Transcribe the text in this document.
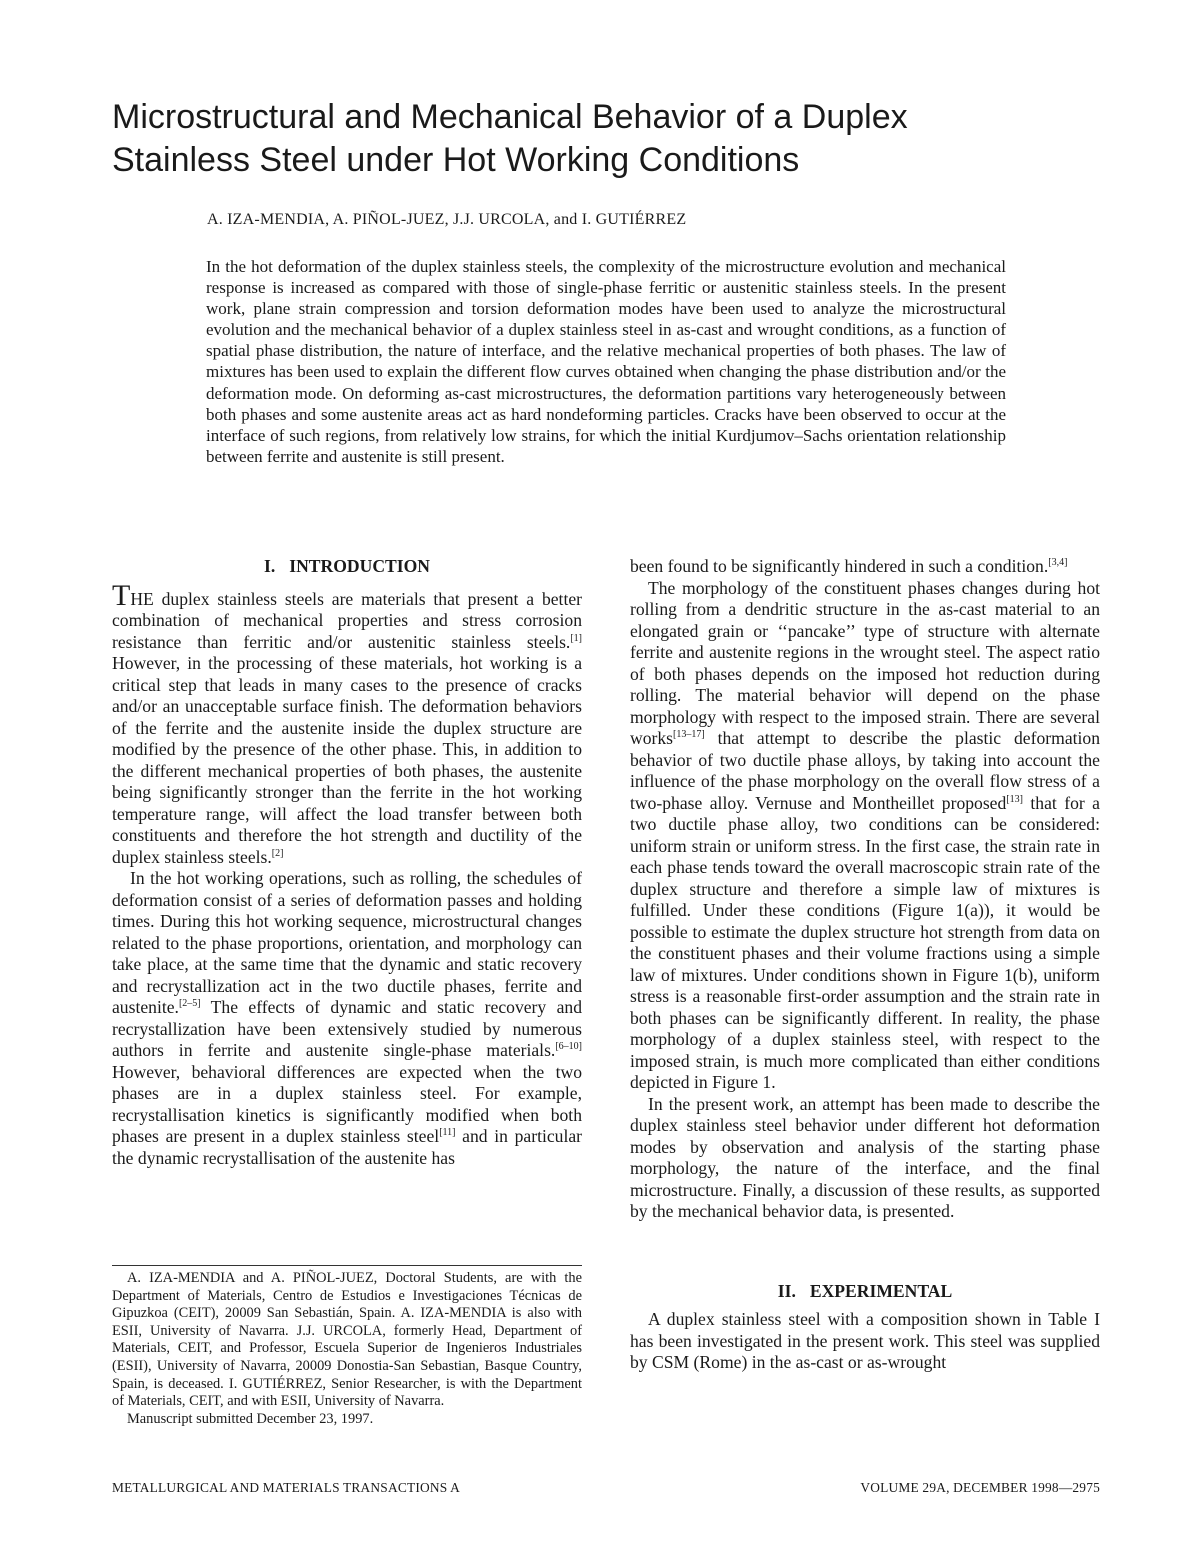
Microstructural and Mechanical Behavior of a Duplex
Stainless Steel under Hot Working Conditions
A. IZA-MENDIA, A. PIÑOL-JUEZ, J.J. URCOLA, and I. GUTIÉRREZ

In the hot deformation of the duplex stainless steels, the complexity of the microstructure evolution and mechanical response is increased as compared with those of single-phase ferritic or austenitic stainless steels. In the present work, plane strain compression and torsion deformation modes have been used to analyze the microstructural evolution and the mechanical behavior of a duplex stainless steel in as-cast and wrought conditions, as a function of spatial phase distribution, the nature of interface, and the relative mechanical properties of both phases. The law of mixtures has been used to explain the different flow curves obtained when changing the phase distribution and/or the deformation mode. On deforming as-cast microstructures, the deformation partitions vary heterogeneously between both phases and some austenite areas act as hard nondeforming particles. Cracks have been observed to occur at the interface of such regions, from relatively low strains, for which the initial Kurdjumov–Sachs orientation relationship between ferrite and austenite is still present.

I. INTRODUCTION

THE duplex stainless steels are materials that present a better combination of mechanical properties and stress corrosion resistance than ferritic and/or austenitic stainless steels.[1] However, in the processing of these materials, hot working is a critical step that leads in many cases to the presence of cracks and/or an unacceptable surface finish. The deformation behaviors of the ferrite and the austenite inside the duplex structure are modified by the presence of the other phase. This, in addition to the different mechanical properties of both phases, the austenite being significantly stronger than the ferrite in the hot working temperature range, will affect the load transfer between both constituents and therefore the hot strength and ductility of the duplex stainless steels.[2]

In the hot working operations, such as rolling, the schedules of deformation consist of a series of deformation passes and holding times. During this hot working sequence, microstructural changes related to the phase proportions, orientation, and morphology can take place, at the same time that the dynamic and static recovery and recrystallization act in the two ductile phases, ferrite and austenite.[2–5] The effects of dynamic and static recovery and recrystallization have been extensively studied by numerous authors in ferrite and austenite single-phase materials.[6–10] However, behavioral differences are expected when the two phases are in a duplex stainless steel. For example, recrystallisation kinetics is significantly modified when both phases are present in a duplex stainless steel[11] and in particular the dynamic recrystallisation of the austenite has

A. IZA-MENDIA and A. PIÑOL-JUEZ, Doctoral Students, are with the Department of Materials, Centro de Estudios e Investigaciones Técnicas de Gipuzkoa (CEIT), 20009 San Sebastián, Spain. A. IZA-MENDIA is also with ESII, University of Navarra. J.J. URCOLA, formerly Head, Department of Materials, CEIT, and Professor, Escuela Superior de Ingenieros Industriales (ESII), University of Navarra, 20009 Donostia-San Sebastian, Basque Country, Spain, is deceased. I. GUTIÉRREZ, Senior Researcher, is with the Department of Materials, CEIT, and with ESII, University of Navarra.

Manuscript submitted December 23, 1997.

been found to be significantly hindered in such a condition.[3,4]

The morphology of the constituent phases changes during hot rolling from a dendritic structure in the as-cast material to an elongated grain or ‘‘pancake’’ type of structure with alternate ferrite and austenite regions in the wrought steel. The aspect ratio of both phases depends on the imposed hot reduction during rolling. The material behavior will depend on the phase morphology with respect to the imposed strain. There are several works[13–17] that attempt to describe the plastic deformation behavior of two ductile phase alloys, by taking into account the influence of the phase morphology on the overall flow stress of a two-phase alloy. Vernuse and Montheillet proposed[13] that for a two ductile phase alloy, two conditions can be considered: uniform strain or uniform stress. In the first case, the strain rate in each phase tends toward the overall macroscopic strain rate of the duplex structure and therefore a simple law of mixtures is fulfilled. Under these conditions (Figure 1(a)), it would be possible to estimate the duplex structure hot strength from data on the constituent phases and their volume fractions using a simple law of mixtures. Under conditions shown in Figure 1(b), uniform stress is a reasonable first-order assumption and the strain rate in both phases can be significantly different. In reality, the phase morphology of a duplex stainless steel, with respect to the imposed strain, is much more complicated than either conditions depicted in Figure 1.

In the present work, an attempt has been made to describe the duplex stainless steel behavior under different hot deformation modes by observation and analysis of the starting phase morphology, the nature of the interface, and the final microstructure. Finally, a discussion of these results, as supported by the mechanical behavior data, is presented.

II. EXPERIMENTAL

A duplex stainless steel with a composition shown in Table I has been investigated in the present work. This steel was supplied by CSM (Rome) in the as-cast or as-wrought

METALLURGICAL AND MATERIALS TRANSACTIONS A	VOLUME 29A, DECEMBER 1998—2975
